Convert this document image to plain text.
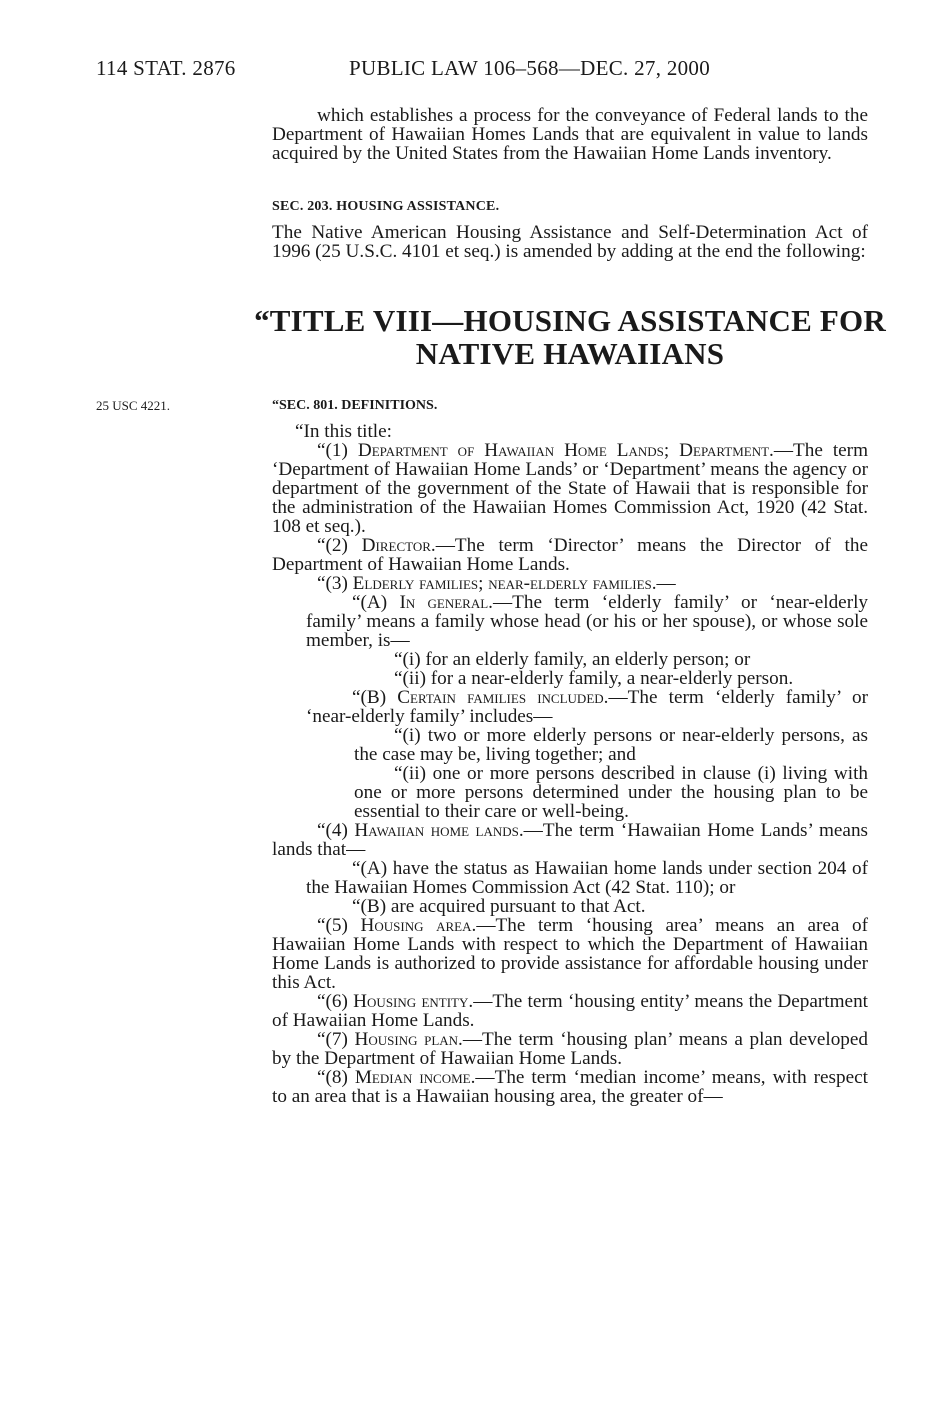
114 STAT. 2876	PUBLIC LAW 106–568—DEC. 27, 2000

which establishes a process for the conveyance of Federal lands to the Department of Hawaiian Homes Lands that are equivalent in value to lands acquired by the United States from the Hawaiian Home Lands inventory.

SEC. 203. HOUSING ASSISTANCE.

The Native American Housing Assistance and Self-Determination Act of 1996 (25 U.S.C. 4101 et seq.) is amended by adding at the end the following:

“TITLE VIII—HOUSING ASSISTANCE FOR
NATIVE HAWAIIANS
25 USC 4221.	“SEC. 801. DEFINITIONS.

“In this title:

“(1) Department of Hawaiian Home Lands; Department.—The term ‘Department of Hawaiian Home Lands’ or ‘Department’ means the agency or department of the government of the State of Hawaii that is responsible for the administration of the Hawaiian Homes Commission Act, 1920 (42 Stat. 108 et seq.).

“(2) Director.—The term ‘Director’ means the Director of the Department of Hawaiian Home Lands.

“(3) Elderly families; near-elderly families.—

“(A) In general.—The term ‘elderly family’ or ‘near-elderly family’ means a family whose head (or his or her spouse), or whose sole member, is—

“(i) for an elderly family, an elderly person; or

“(ii) for a near-elderly family, a near-elderly person.

“(B) Certain families included.—The term ‘elderly family’ or ‘near-elderly family’ includes—

“(i) two or more elderly persons or near-elderly persons, as the case may be, living together; and

“(ii) one or more persons described in clause (i) living with one or more persons determined under the housing plan to be essential to their care or well-being.

“(4) Hawaiian home lands.—The term ‘Hawaiian Home Lands’ means lands that—

“(A) have the status as Hawaiian home lands under section 204 of the Hawaiian Homes Commission Act (42 Stat. 110); or

“(B) are acquired pursuant to that Act.

“(5) Housing area.—The term ‘housing area’ means an area of Hawaiian Home Lands with respect to which the Department of Hawaiian Home Lands is authorized to provide assistance for affordable housing under this Act.

“(6) Housing entity.—The term ‘housing entity’ means the Department of Hawaiian Home Lands.

“(7) Housing plan.—The term ‘housing plan’ means a plan developed by the Department of Hawaiian Home Lands.

“(8) Median income.—The term ‘median income’ means, with respect to an area that is a Hawaiian housing area, the greater of—
